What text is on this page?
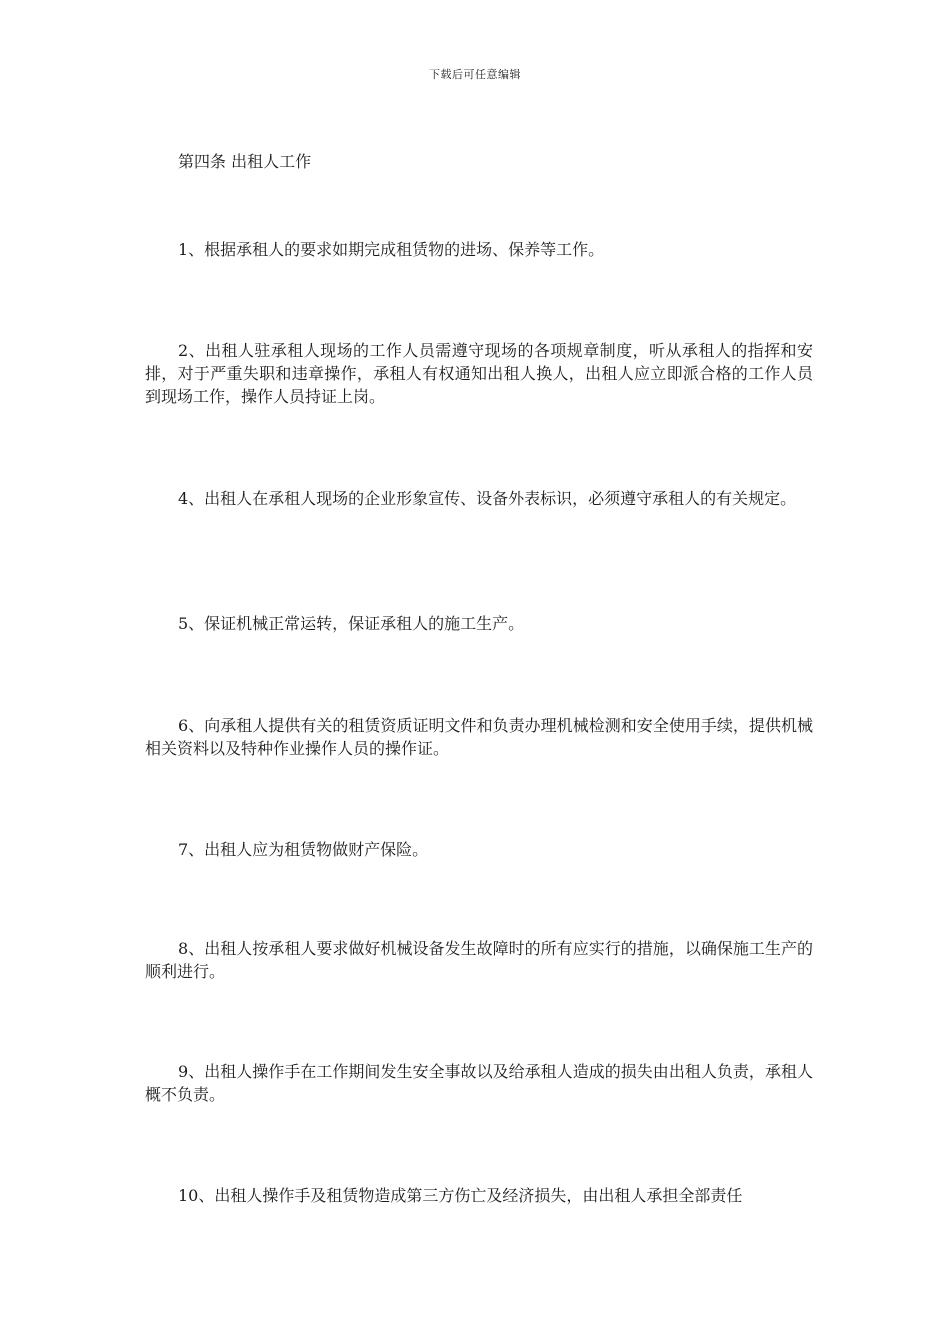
下载后可任意编辑
第四条 出租人工作

1、根据承租人的要求如期完成租赁物的进场、保养等工作。

2、出租人驻承租人现场的工作人员需遵守现场的各项规章制度，听从承租人的指挥和安排，对于严重失职和违章操作，承租人有权通知出租人换人，出租人应立即派合格的工作人员到现场工作，操作人员持证上岗。

4、出租人在承租人现场的企业形象宣传、设备外表标识，必须遵守承租人的有关规定。

5、保证机械正常运转，保证承租人的施工生产。

6、向承租人提供有关的租赁资质证明文件和负责办理机械检测和安全使用手续，提供机械相关资料以及特种作业操作人员的操作证。

7、出租人应为租赁物做财产保险。

8、出租人按承租人要求做好机械设备发生故障时的所有应实行的措施，以确保施工生产的顺利进行。

9、出租人操作手在工作期间发生安全事故以及给承租人造成的损失由出租人负责，承租人概不负责。

10、出租人操作手及租赁物造成第三方伤亡及经济损失，由出租人承担全部责任
